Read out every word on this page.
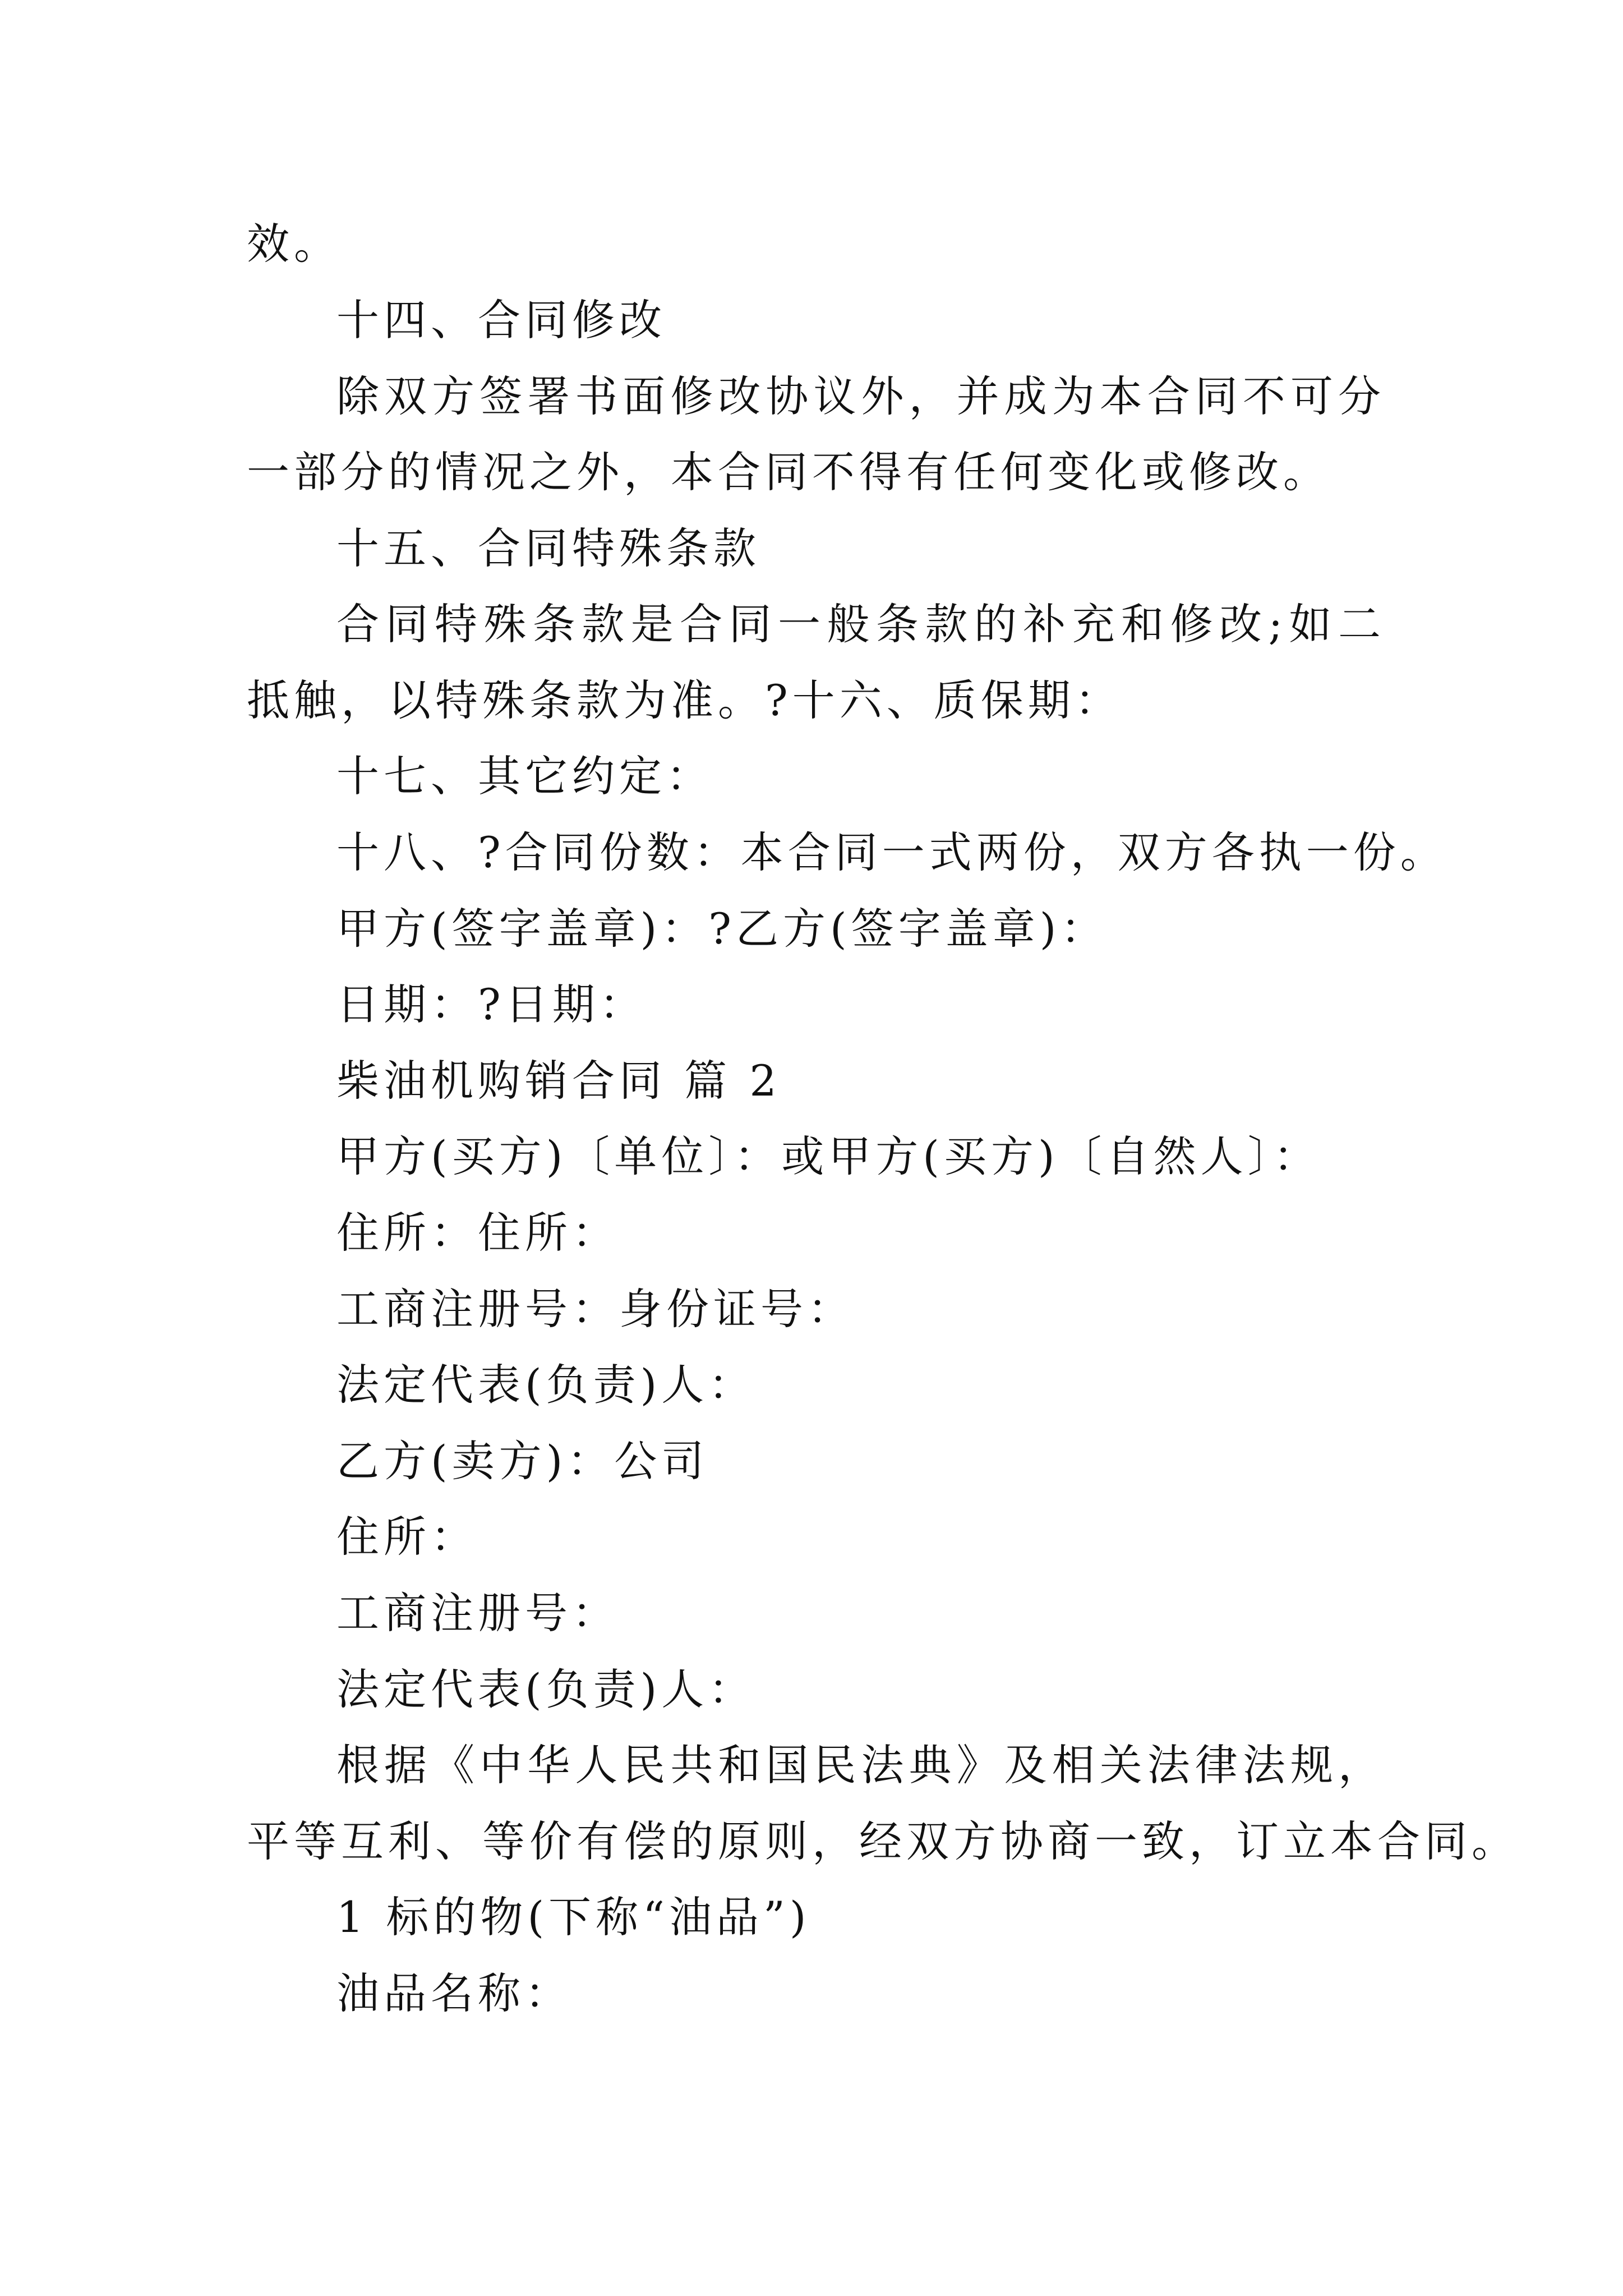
效。
十四、合同修改
除双方签署书面修改协议外，并成为本合同不可分
一部分的情况之外，本合同不得有任何变化或修改。
十五、合同特殊条款
合同特殊条款是合同一般条款的补充和修改;如二
抵触，以特殊条款为准。?十六、质保期：
十七、其它约定：
十八、?合同份数：本合同一式两份，双方各执一份。
甲方(签字盖章)：?乙方(签字盖章)：
日期：?日期：
柴油机购销合同 篇 2
甲方(买方)〔单位〕：或甲方(买方)〔自然人〕：
住所：住所：
工商注册号：身份证号：
法定代表(负责)人：
乙方(卖方)：公司
住所：
工商注册号：
法定代表(负责)人：
根据《中华人民共和国民法典》及相关法律法规，
平等互利、等价有偿的原则，经双方协商一致，订立本合同。
1 标的物(下称“油品”)
油品名称：
